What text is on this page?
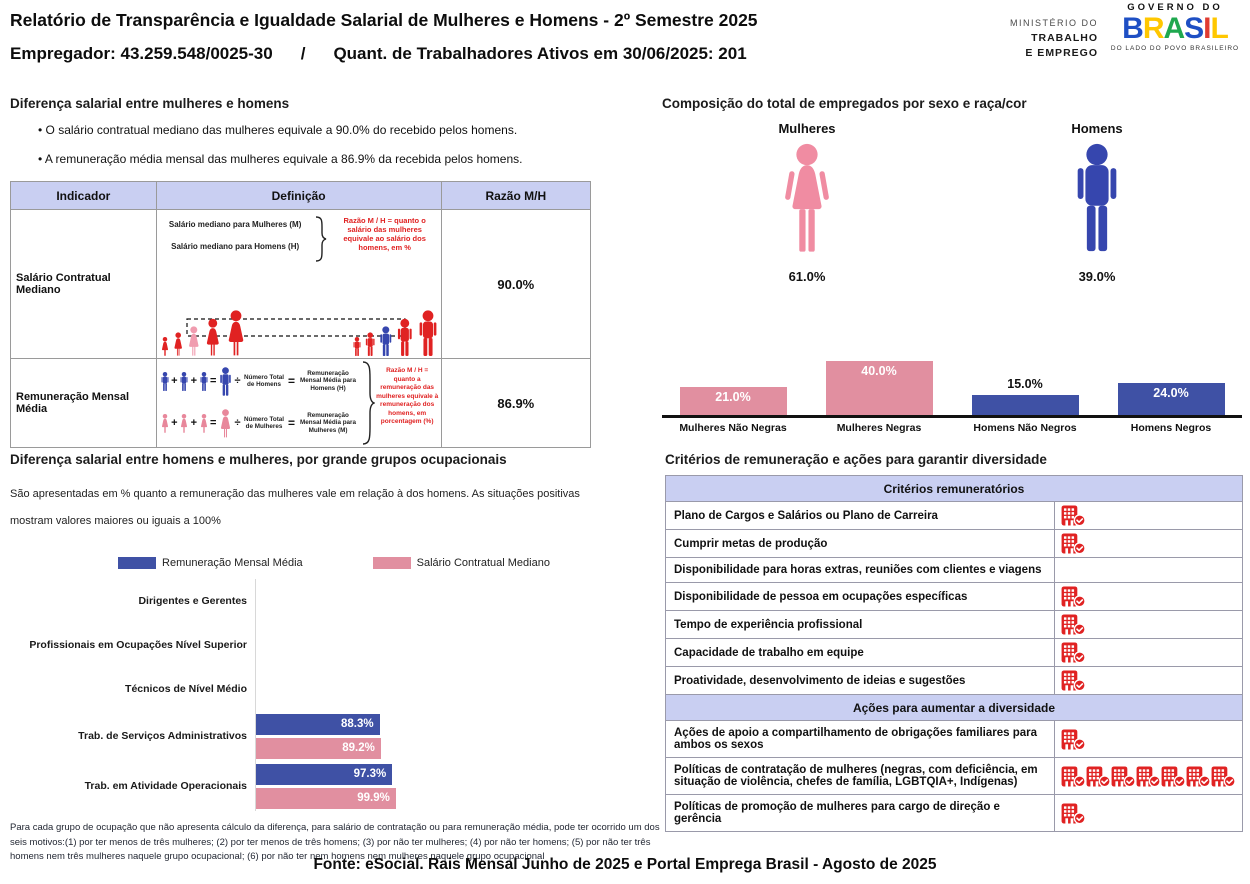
Relatório de Transparência e Igualdade Salarial de Mulheres e Homens - 2º Semestre 2025
Empregador: 43.259.548/0025-30 / Quant. de Trabalhadores Ativos em 30/06/2025: 201
MINISTÉRIO DO
TRABALHO
E EMPREGO
GOVERNO DO
BRASIL
DO LADO DO POVO BRASILEIRO
Diferença salarial entre mulheres e homens
• O salário contratual mediano das mulheres equivale a 90.0% do recebido pelos homens.
• A remuneração média mensal das mulheres equivale a 86.9% da recebida pelos homens.
Indicador	Definição	Razão M/H
Salário Contratual Mediano	Salário mediano para Mulheres (M)
Salário mediano para Homens (H)
Razão M / H = quanto o salário das mulheres equivale ao salário dos homens, em %	90.0%
Remuneração Mensal Média	
+ + = ÷ Número Total de Homens =
Remuneração Mensal Média para Homens (H)
+ + = ÷ Número Total de Mulheres =
Remuneração Mensal Média para Mulheres (M)
Razão M / H = quanto a remuneração das mulheres equivale à remuneração dos homens, em porcentagem (%)
	86.9%
Composição do total de empregados por sexo e raça/cor
Mulheres
61.0%
Homens
39.0%
21.0%
40.0%
15.0%
24.0%
Mulheres Não Negras	Mulheres Negras	Homens Não Negros	Homens Negros
Diferença salarial entre homens e mulheres, por grande grupos ocupacionais
São apresentadas em % quanto a remuneração das mulheres vale em relação à dos homens. As situações positivas
mostram valores maiores ou iguais a 100%
Remuneração Mensal Média	Salário Contratual Mediano
Dirigentes e Gerentes
Profissionais em Ocupações Nível Superior
Técnicos de Nível Médio
Trab. de Serviços Administrativos
88.3%
89.2%
Trab. em Atividade Operacionais
97.3%
99.9%
Para cada grupo de ocupação que não apresenta cálculo da diferença, para salário de contratação ou para remuneração média, pode ter ocorrido um dos seis motivos:(1) por ter menos de três mulheres; (2) por ter menos de três homens; (3) por não ter mulheres; (4) por não ter homens; (5) por não ter três homens nem três mulheres naquele grupo ocupacional; (6) por não ter nem homens nem mulheres naquele grupo ocupacional
Critérios de remuneração e ações para garantir diversidade
Critérios remuneratórios	
Plano de Cargos e Salários ou Plano de Carreira	
Cumprir metas de produção	
Disponibilidade para horas extras, reuniões com clientes e viagens	
Disponibilidade de pessoa em ocupações específicas	
Tempo de experiência profissional	
Capacidade de trabalho em equipe	
Proatividade, desenvolvimento de ideias e sugestões	
Ações para aumentar a diversidade	
Ações de apoio a compartilhamento de obrigações familiares para ambos os sexos	
Políticas de contratação de mulheres (negras, com deficiência, em situação de violência, chefes de família, LGBTQIA+, Indígenas)	
Políticas de promoção de mulheres para cargo de direção e gerência	
Fonte: eSocial. Rais Mensal Junho de 2025 e Portal Emprega Brasil - Agosto de 2025
